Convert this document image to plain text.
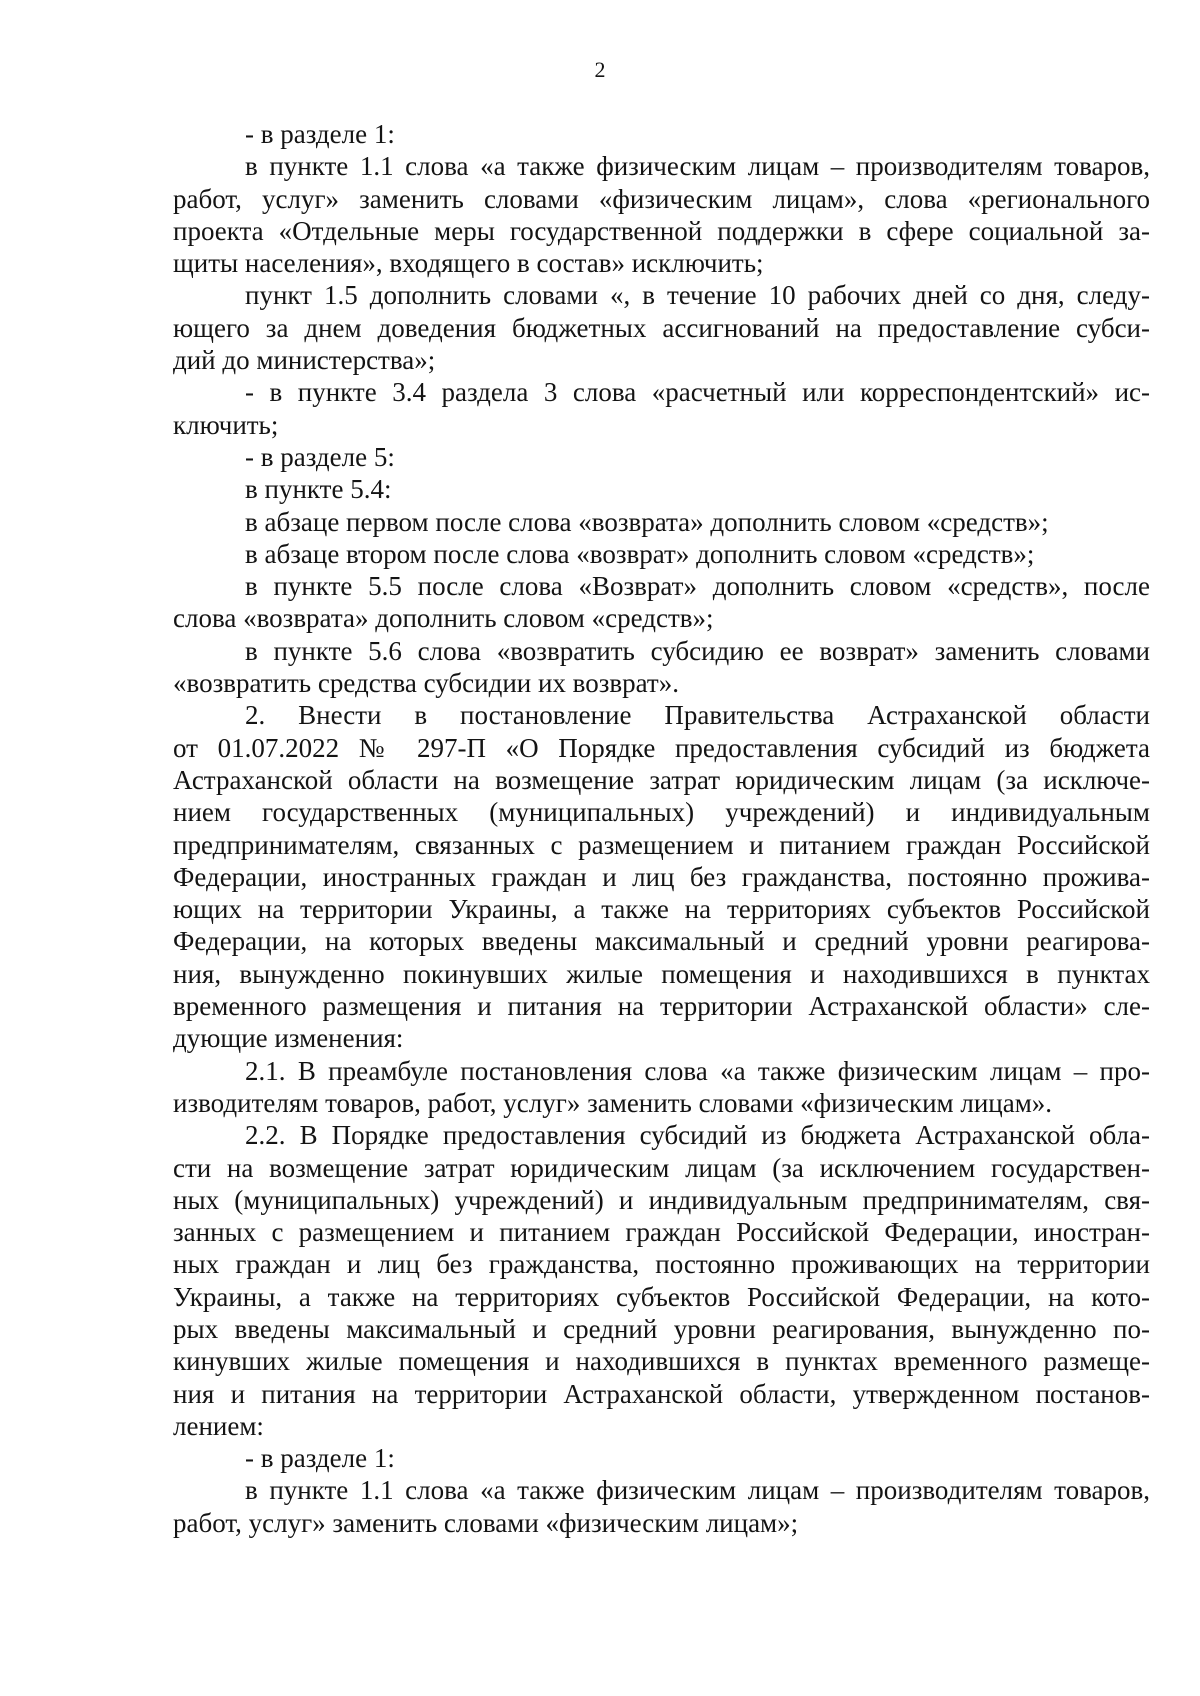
2
- в разделе 1:
в пункте 1.1 слова «а также физическим лицам – производителям товаров,
работ, услуг» заменить словами «физическим лицам», слова «регионального
проекта «Отдельные меры государственной поддержки в сфере социальной за-
щиты населения», входящего в состав» исключить;
пункт 1.5 дополнить словами «, в течение 10 рабочих дней со дня, следу-
ющего за днем доведения бюджетных ассигнований на предоставление субси-
дий до министерства»;
- в пункте 3.4 раздела 3 слова «расчетный или корреспондентский» ис-
ключить;
- в разделе 5:
в пункте 5.4:
в абзаце первом после слова «возврата» дополнить словом «средств»;
в абзаце втором после слова «возврат» дополнить словом «средств»;
в пункте 5.5 после слова «Возврат» дополнить словом «средств», после
слова «возврата» дополнить словом «средств»;
в пункте 5.6 слова «возвратить субсидию ее возврат» заменить словами
«возвратить средства субсидии их возврат».
2. Внести в постановление Правительства Астраханской области
от 01.07.2022 № 297-П «О Порядке предоставления субсидий из бюджета
Астраханской области на возмещение затрат юридическим лицам (за исключе-
нием государственных (муниципальных) учреждений) и индивидуальным
предпринимателям, связанных с размещением и питанием граждан Российской
Федерации, иностранных граждан и лиц без гражданства, постоянно прожива-
ющих на территории Украины, а также на территориях субъектов Российской
Федерации, на которых введены максимальный и средний уровни реагирова-
ния, вынужденно покинувших жилые помещения и находившихся в пунктах
временного размещения и питания на территории Астраханской области» сле-
дующие изменения:
2.1. В преамбуле постановления слова «а также физическим лицам – про-
изводителям товаров, работ, услуг» заменить словами «физическим лицам».
2.2. В Порядке предоставления субсидий из бюджета Астраханской обла-
сти на возмещение затрат юридическим лицам (за исключением государствен-
ных (муниципальных) учреждений) и индивидуальным предпринимателям, свя-
занных с размещением и питанием граждан Российской Федерации, иностран-
ных граждан и лиц без гражданства, постоянно проживающих на территории
Украины, а также на территориях субъектов Российской Федерации, на кото-
рых введены максимальный и средний уровни реагирования, вынужденно по-
кинувших жилые помещения и находившихся в пунктах временного размеще-
ния и питания на территории Астраханской области, утвержденном постанов-
лением:
- в разделе 1:
в пункте 1.1 слова «а также физическим лицам – производителям товаров,
работ, услуг» заменить словами «физическим лицам»;
